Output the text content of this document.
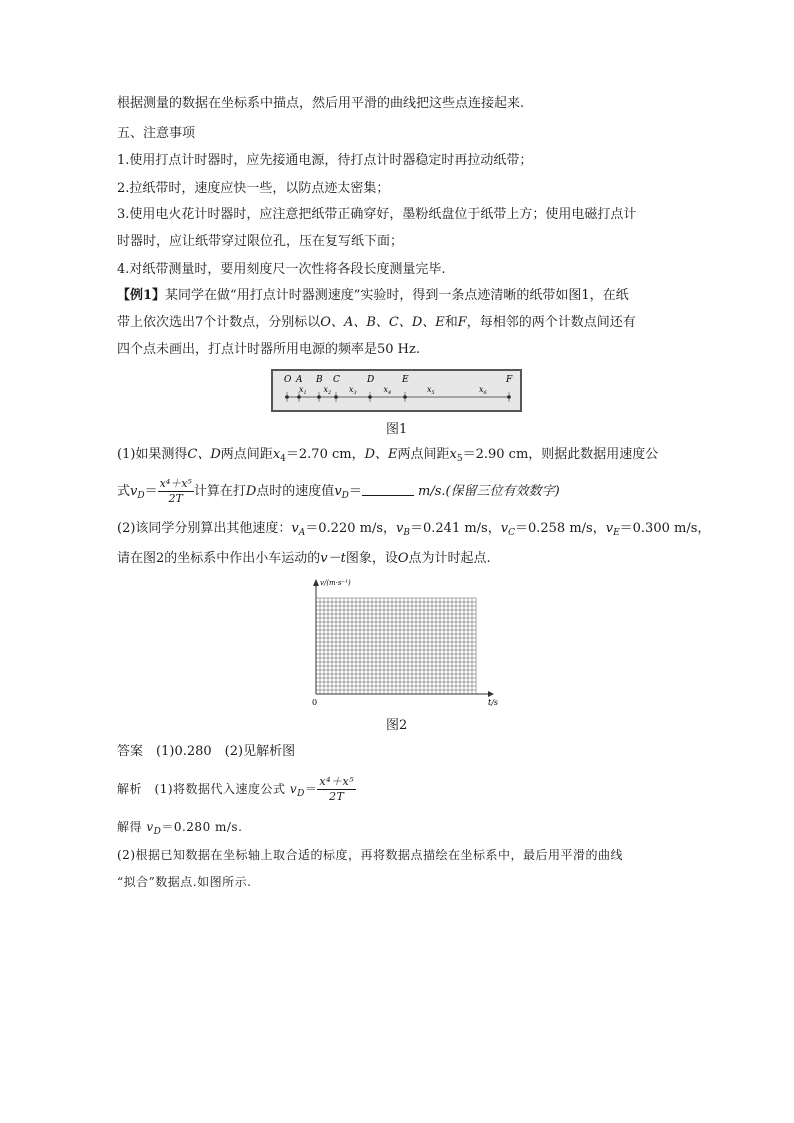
根据测量的数据在坐标系中描点，然后用平滑的曲线把这些点连接起来.
五、注意事项
1.使用打点计时器时，应先接通电源，待打点计时器稳定时再拉动纸带；
2.拉纸带时，速度应快一些，以防点迹太密集；
3.使用电火花计时器时，应注意把纸带正确穿好，墨粉纸盘位于纸带上方；使用电磁打点计
时器时，应让纸带穿过限位孔，压在复写纸下面；
4.对纸带测量时，要用刻度尺一次性将各段长度测量完毕.
【例1】某同学在做“用打点计时器测速度”实验时，得到一条点迹清晰的纸带如图1，在纸
带上依次选出7个计数点，分别标以O、A、B、C、D、E和F，每相邻的两个计数点间还有
四个点未画出，打点计时器所用电源的频率是50 Hz.
O A B C	D	E	F
$x_1$ $x_2$ $x_3$	$x_4$	$x_5$	$x_6$
图1
(1)如果测得C、D两点间距$x_4=2.70$ cm，D、E两点间距$x_5=2.90$ cm，则据此数据用速度公
式$v_D= \frac{\text{x⁴＋x⁵}}{2T}$ 计算在打D点时的速度值$v_D=$	m/s.(保留三位有效数字)
(2)该同学分别算出其他速度：$v_A=0.220$ m/s，$v_B=0.241$ m/s，$v_C=0.258$ m/s，$v_E=0.300$ m/s，
请在图2的坐标系中作出小车运动的v－t图象，设O点为计时起点.
v/(m·s⁻¹)
t/s
0
图2
答案　 (1)0.280　(2)见解析图
解析　 (1)将数据代入速度公式 $v_D= \frac{\text{x⁴＋x⁵}}{2T}$
解得 $v_D=0.280$ m/s.
(2)根据已知数据在坐标轴上取合适的标度，再将数据点描绘在坐标系中，最后用平滑的曲线
“拟合”数据点.如图所示.
